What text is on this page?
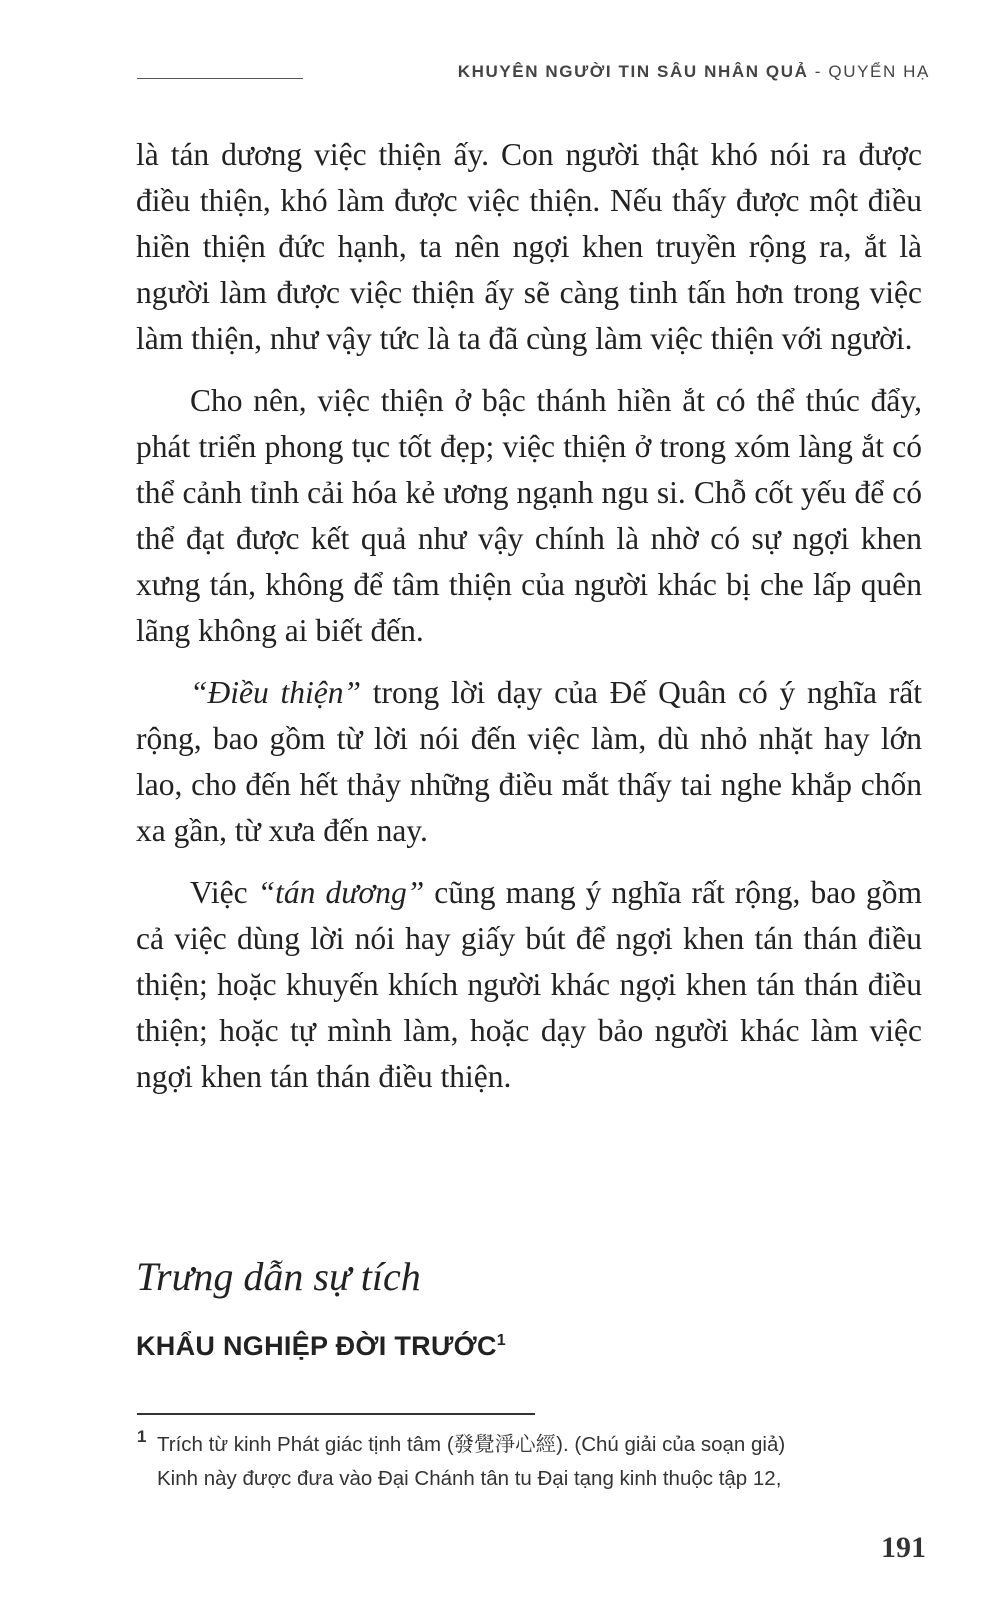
KHUYÊN NGƯỜI TIN SÂU NHÂN QUẢ - QUYỂN HẠ

là tán dương việc thiện ấy. Con người thật khó nói ra được điều thiện, khó làm được việc thiện. Nếu thấy được một điều hiền thiện đức hạnh, ta nên ngợi khen truyền rộng ra, ắt là người làm được việc thiện ấy sẽ càng tinh tấn hơn trong việc làm thiện, như vậy tức là ta đã cùng làm việc thiện với người.

Cho nên, việc thiện ở bậc thánh hiền ắt có thể thúc đẩy, phát triển phong tục tốt đẹp; việc thiện ở trong xóm làng ắt có thể cảnh tỉnh cải hóa kẻ ương ngạnh ngu si. Chỗ cốt yếu để có thể đạt được kết quả như vậy chính là nhờ có sự ngợi khen xưng tán, không để tâm thiện của người khác bị che lấp quên lãng không ai biết đến.

“Điều thiện” trong lời dạy của Đế Quân có ý nghĩa rất rộng, bao gồm từ lời nói đến việc làm, dù nhỏ nhặt hay lớn lao, cho đến hết thảy những điều mắt thấy tai nghe khắp chốn xa gần, từ xưa đến nay.

Việc “tán dương” cũng mang ý nghĩa rất rộng, bao gồm cả việc dùng lời nói hay giấy bút để ngợi khen tán thán điều thiện; hoặc khuyến khích người khác ngợi khen tán thán điều thiện; hoặc tự mình làm, hoặc dạy bảo người khác làm việc ngợi khen tán thán điều thiện.

Trưng dẫn sự tích
KHẨU NGHIỆP ĐỜI TRƯỚC$^1$
1 Trích từ kinh Phát giác tịnh tâm (發覺淨心經). (Chú giải của soạn giả)
Kinh này được đưa vào Đại Chánh tân tu Đại tạng kinh thuộc tập 12,
191
